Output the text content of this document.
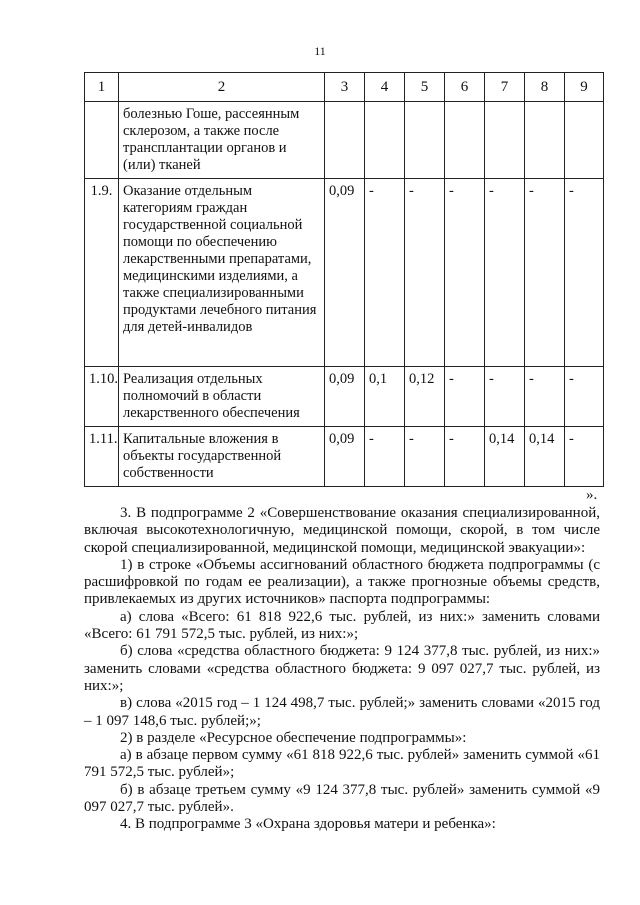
11
1	2	3	4	5	6	7	8	9
	болезнью Гоше, рассеянным склерозом, а также после трансплантации органов и (или) тканей							
1.9.	Оказание отдельным категориям граждан государственной социальной помощи по обеспечению лекарственными препаратами, медицинскими изделиями, а также специализированными продуктами лечебного питания для детей-инвалидов	0,09	-	-	-	-	-	-
1.10.	Реализация отдельных полномочий в области лекарственного обеспечения	0,09	0,1	0,12	-	-	-	-
1.11.	Капитальные вложения в объекты государственной собственности	0,09	-	-	-	0,14	0,14	-
».

3. В подпрограмме 2 «Совершенствование оказания специализированной, включая высокотехнологичную, медицинской помощи, скорой, в том числе скорой специализированной, медицинской помощи, медицинской эвакуации»:

1) в строке «Объемы ассигнований областного бюджета подпрограммы (с расшифровкой по годам ее реализации), а также прогнозные объемы средств, привлекаемых из других источников» паспорта подпрограммы:

а) слова «Всего: 61 818 922,6 тыс. рублей, из них:» заменить словами «Всего: 61 791 572,5 тыс. рублей, из них:»;

б) слова «средства областного бюджета: 9 124 377,8 тыс. рублей, из них:» заменить словами «средства областного бюджета: 9 097 027,7 тыс. рублей, из них:»;

в) слова «2015 год – 1 124 498,7 тыс. рублей;» заменить словами «2015 год – 1 097 148,6 тыс. рублей;»;

2) в разделе «Ресурсное обеспечение подпрограммы»:

а) в абзаце первом сумму «61 818 922,6 тыс. рублей» заменить суммой «61 791 572,5 тыс. рублей»;

б) в абзаце третьем сумму «9 124 377,8 тыс. рублей» заменить суммой «9 097 027,7 тыс. рублей».

4. В подпрограмме 3 «Охрана здоровья матери и ребенка»:
